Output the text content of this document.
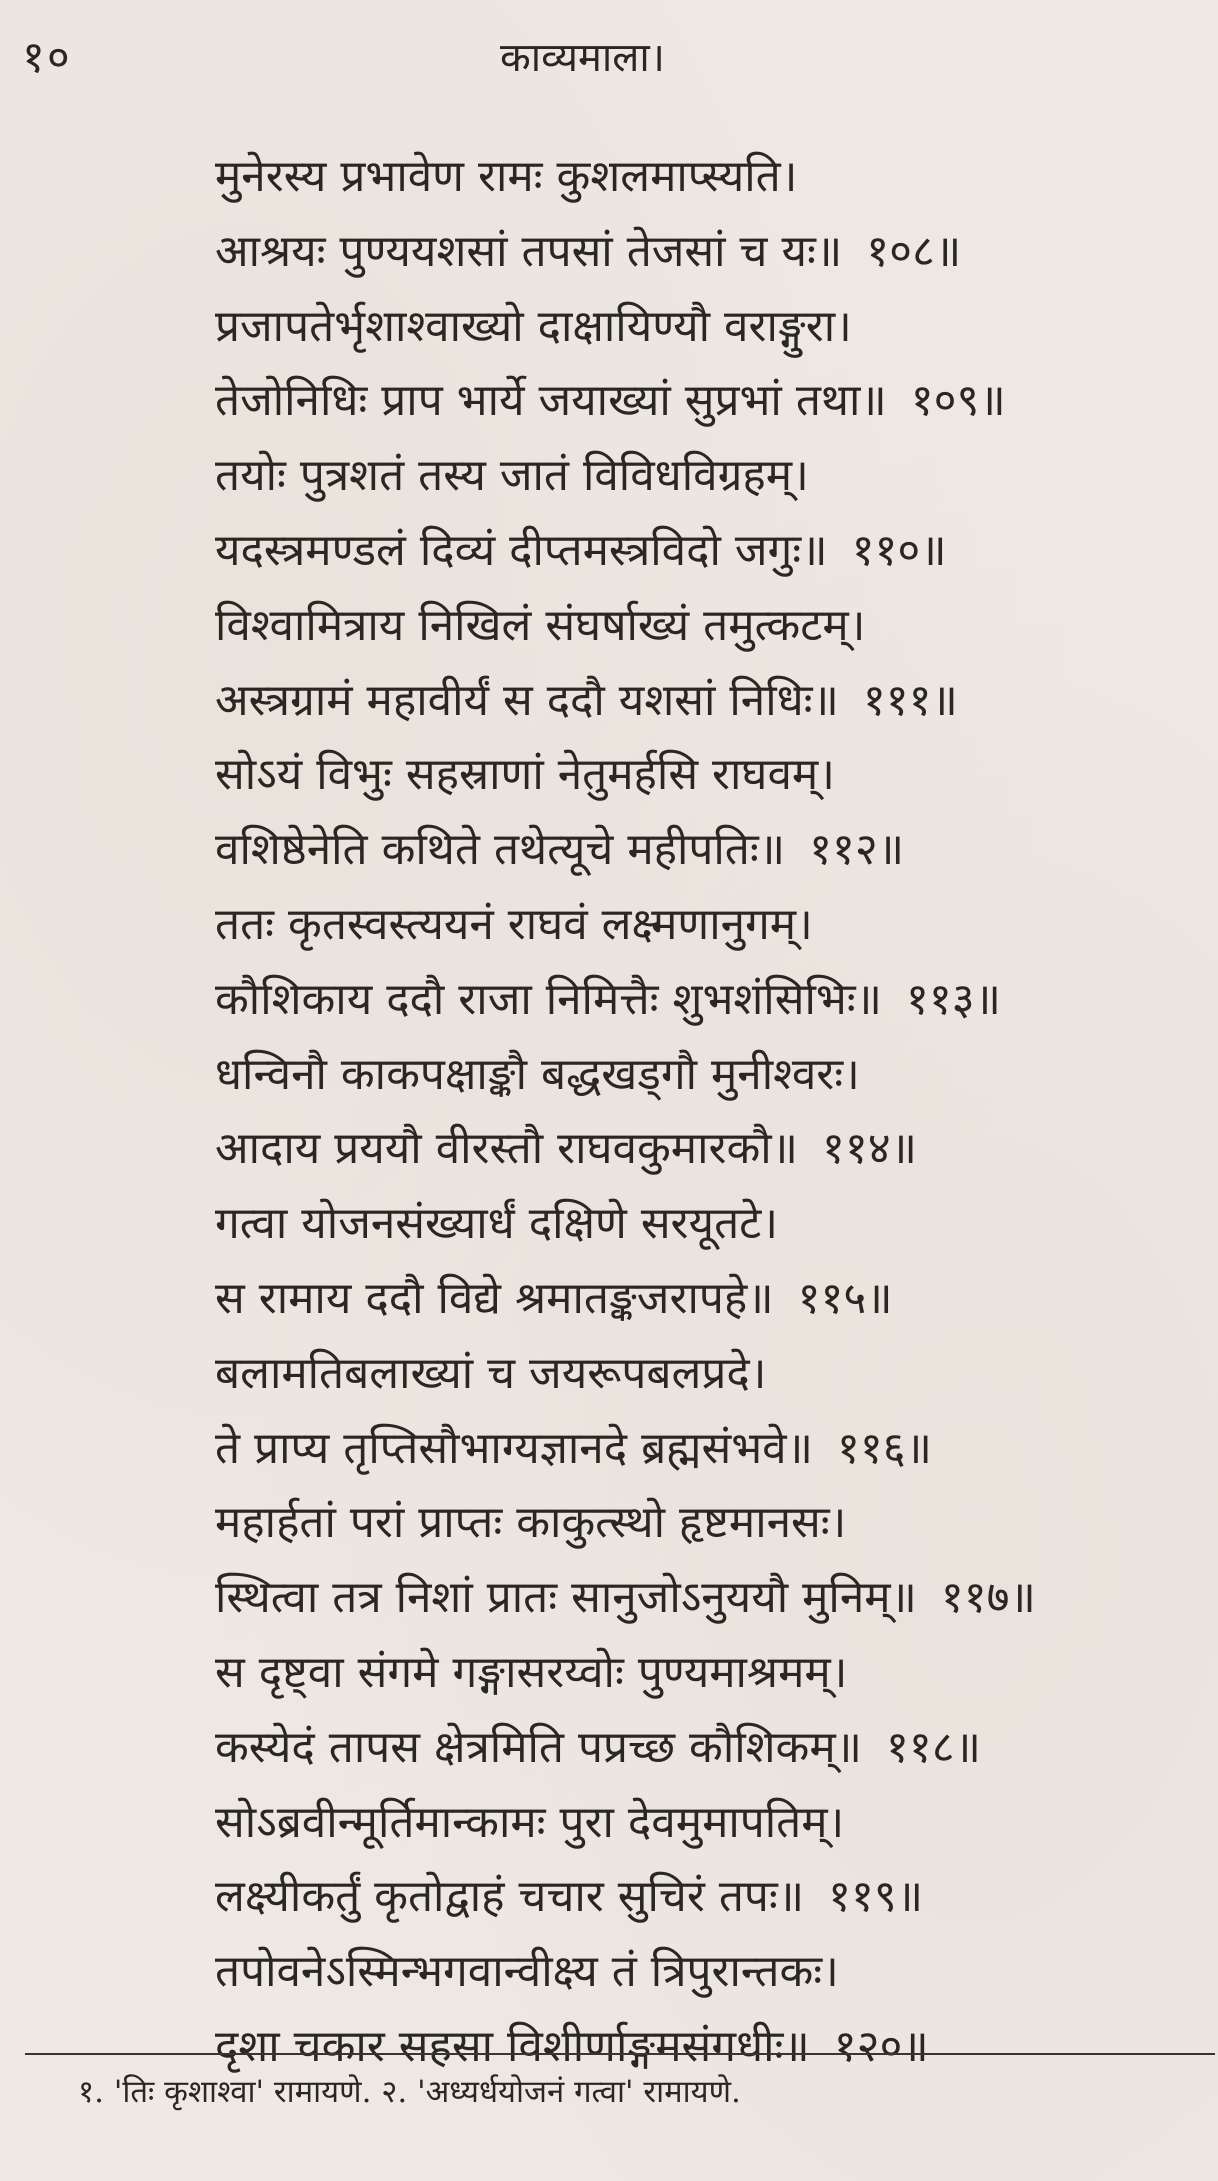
१०	काव्यमाला।
मुनेरस्य प्रभावेण रामः कुशलमाप्स्यति।
आश्रयः पुण्ययशसां तपसां तेजसां च यः॥ १०८॥
प्रजापतेर्भृशाश्वाख्यो दाक्षायिण्यौ वराङ्गुरा।
तेजोनिधिः प्राप भार्ये जयाख्यां सुप्रभां तथा॥ १०९॥
तयोः पुत्रशतं तस्य जातं विविधविग्रहम्।
यदस्त्रमण्डलं दिव्यं दीप्तमस्त्रविदो जगुः॥ ११०॥
विश्वामित्राय निखिलं संघर्षाख्यं तमुत्कटम्।
अस्त्रग्रामं महावीर्यं स ददौ यशसां निधिः॥ १११॥
सोऽयं विभुः सहस्राणां नेतुमर्हसि राघवम्।
वशिष्ठेनेति कथिते तथेत्यूचे महीपतिः॥ ११२॥
ततः कृतस्वस्त्ययनं राघवं लक्ष्मणानुगम्।
कौशिकाय ददौ राजा निमित्तैः शुभशंसिभिः॥ ११३॥
धन्विनौ काकपक्षाङ्कौ बद्धखड्गौ मुनीश्वरः।
आदाय प्रययौ वीरस्तौ राघवकुमारकौ॥ ११४॥
गत्वा योजनसंख्यार्धं दक्षिणे सरयूतटे।
स रामाय ददौ विद्ये श्रमातङ्कजरापहे॥ ११५॥
बलामतिबलाख्यां च जयरूपबलप्रदे।
ते प्राप्य तृप्तिसौभाग्यज्ञानदे ब्रह्मसंभवे॥ ११६॥
महार्हतां परां प्राप्तः काकुत्स्थो हृष्टमानसः।
स्थित्वा तत्र निशां प्रातः सानुजोऽनुययौ मुनिम्॥ ११७॥
स दृष्ट्वा संगमे गङ्गासरय्वोः पुण्यमाश्रमम्।
कस्येदं तापस क्षेत्रमिति पप्रच्छ कौशिकम्॥ ११८॥
सोऽब्रवीन्मूर्तिमान्कामः पुरा देवमुमापतिम्।
लक्ष्यीकर्तुं कृतोद्वाहं चचार सुचिरं तपः॥ ११९॥
तपोवनेऽस्मिन्भगवान्वीक्ष्य तं त्रिपुरान्तकः।
दृशा चकार सहसा विशीर्णाङ्गमसंगधीः॥ १२०॥
१. 'तिः कृशाश्वा' रामायणे. २. 'अध्यर्धयोजनं गत्वा' रामायणे.
